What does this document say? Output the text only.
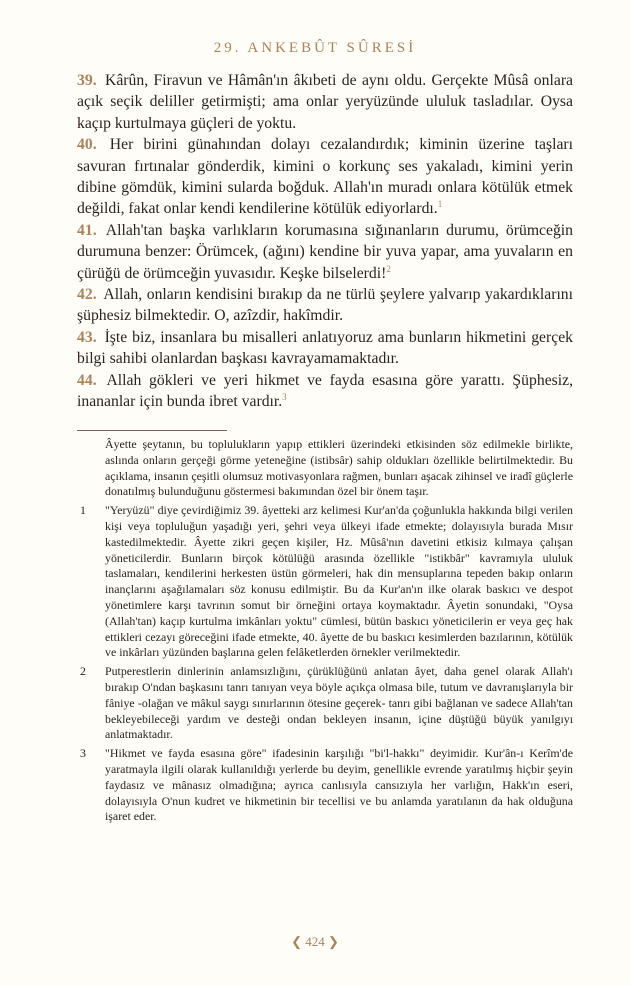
29. ANKEBÛT SÛRESİ

39. Kârûn, Firavun ve Hâmân'ın âkıbeti de aynı oldu. Gerçekte Mûsâ onlara açık seçik deliller getirmişti; ama onlar yeryüzünde ululuk tasladılar. Oysa kaçıp kurtulmaya güçleri de yoktu.

40. Her birini günahından dolayı cezalandırdık; kiminin üzerine taşları savuran fırtınalar gönderdik, kimini o korkunç ses yakaladı, kimini yerin dibine gömdük, kimini sularda boğduk. Allah'ın muradı onlara kötülük etmek değildi, fakat onlar kendi kendilerine kötülük ediyorlardı.$^1$

41. Allah'tan başka varlıkların korumasına sığınanların durumu, örümceğin durumuna benzer: Örümcek, (ağını) kendine bir yuva yapar, ama yuvaların en çürüğü de örümceğin yuvasıdır. Keşke bilselerdi!$^2$

42. Allah, onların kendisini bırakıp da ne türlü şeylere yalvarıp yakardıklarını şüphesiz bilmektedir. O, azîzdir, hakîmdir.

43. İşte biz, insanlara bu misalleri anlatıyoruz ama bunların hikmetini gerçek bilgi sahibi olanlardan başkası kavrayamamaktadır.

44. Allah gökleri ve yeri hikmet ve fayda esasına göre yarattı. Şüphesiz, inananlar için bunda ibret vardır.$^3$

Âyette şeytanın, bu toplulukların yapıp ettikleri üzerindeki etkisinden söz edilmekle birlikte, aslında onların gerçeği görme yeteneğine (istibsâr) sahip oldukları özellikle belirtilmektedir. Bu açıklama, insanın çeşitli olumsuz motivasyonlara rağmen, bunları aşacak zihinsel ve iradî güçlerle donatılmış bulunduğunu göstermesi bakımından özel bir önem taşır.

1 "Yeryüzü" diye çevirdiğimiz 39. âyetteki arz kelimesi Kur'an'da çoğunlukla hakkında bilgi verilen kişi veya topluluğun yaşadığı yeri, şehri veya ülkeyi ifade etmekte; dolayısıyla burada Mısır kastedilmektedir. Âyette zikri geçen kişiler, Hz. Mûsâ'nın davetini etkisiz kılmaya çalışan yöneticilerdir. Bunların birçok kötülüğü arasında özellikle "istikbâr" kavramıyla ululuk taslamaları, kendilerini herkesten üstün görmeleri, hak din mensuplarına tepeden bakıp onların inançlarını aşağılamaları söz konusu edilmiştir. Bu da Kur'an'ın ilke olarak baskıcı ve despot yönetimlere karşı tavrının somut bir örneğini ortaya koymaktadır. Âyetin sonundaki, "Oysa (Allah'tan) kaçıp kurtulma imkânları yoktu" cümlesi, bütün baskıcı yöneticilerin er veya geç hak ettikleri cezayı göreceğini ifade etmekte, 40. âyette de bu baskıcı kesimlerden bazılarının, kötülük ve inkârları yüzünden başlarına gelen felâketlerden örnekler verilmektedir.

2 Putperestlerin dinlerinin anlamsızlığını, çürüklüğünü anlatan âyet, daha genel olarak Allah'ı bırakıp O'ndan başkasını tanrı tanıyan veya böyle açıkça olmasa bile, tutum ve davranışlarıyla bir fâniye -olağan ve mâkul saygı sınırlarının ötesine geçerek- tanrı gibi bağlanan ve sadece Allah'tan bekleyebileceği yardım ve desteği ondan bekleyen insanın, içine düştüğü büyük yanılgıyı anlatmaktadır.

3 "Hikmet ve fayda esasına göre" ifadesinin karşılığı "bi'l-hakkı" deyimidir. Kur'ân-ı Kerîm'de yaratmayla ilgili olarak kullanıldığı yerlerde bu deyim, genellikle evrende yaratılmış hiçbir şeyin faydasız ve mânasız olmadığına; ayrıca canlısıyla cansızıyla her varlığın, Hakk'ın eseri, dolayısıyla O'nun kudret ve hikmetinin bir tecellisi ve bu anlamda yaratılanın da hak olduğuna işaret eder.

❮ 424 ❯
